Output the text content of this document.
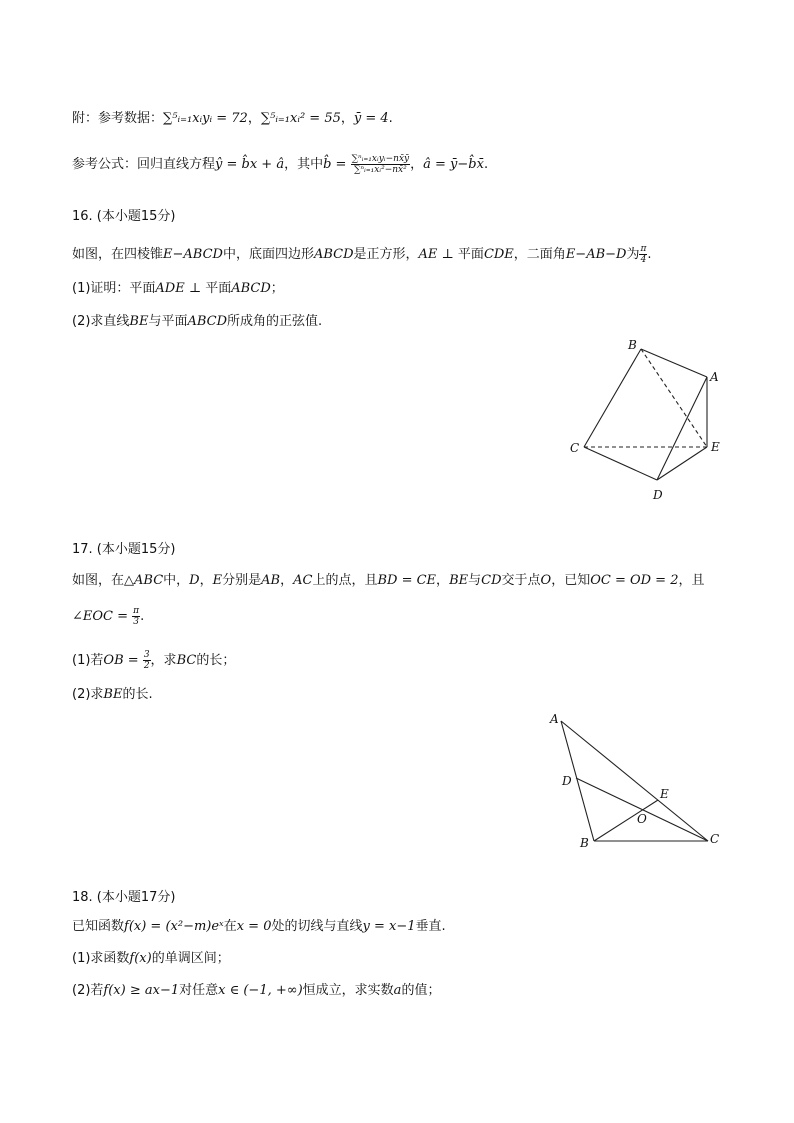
附：参考数据：∑⁵ᵢ₌₁xᵢyᵢ = 72，∑⁵ᵢ₌₁xᵢ² = 55，ȳ = 4.
参考公式：回归直线方程ŷ = b̂x + â，其中b̂ = $\frac{\text{∑ⁿᵢ₌₁xᵢyᵢ−nx̄ȳ}}{\text{∑ⁿᵢ₌₁xᵢ²−nx̄²}}$ ，â = ȳ−b̂x̄.
16. (本小题15分)
如图，在四棱锥E−ABCD中，底面四边形ABCD是正方形，AE ⊥ 平面CDE，二面角E−AB−D为 $\frac{\pi}{4}$ .
(1)证明：平面ADE ⊥ 平面ABCD；
(2)求直线BE与平面ABCD所成角的正弦值.
B
A
C	E
D
17. (本小题15分)
如图，在△ABC中，D，E分别是AB，AC上的点，且BD = CE，BE与CD交于点O，已知OC = OD = 2，且
∠EOC = $\frac{\pi}{3}$ .
(1)若OB = $\frac{3}{2}$ ，求BC的长；
(2)求BE的长.
A
D
E
O
B	C
18. (本小题17分)
已知函数f(x) = (x²−m)eˣ在x = 0处的切线与直线y = x−1垂直.
(1)求函数f(x)的单调区间；
(2)若f(x) ≥ ax−1对任意x ∈ (−1, +∞)恒成立，求实数a的值；
